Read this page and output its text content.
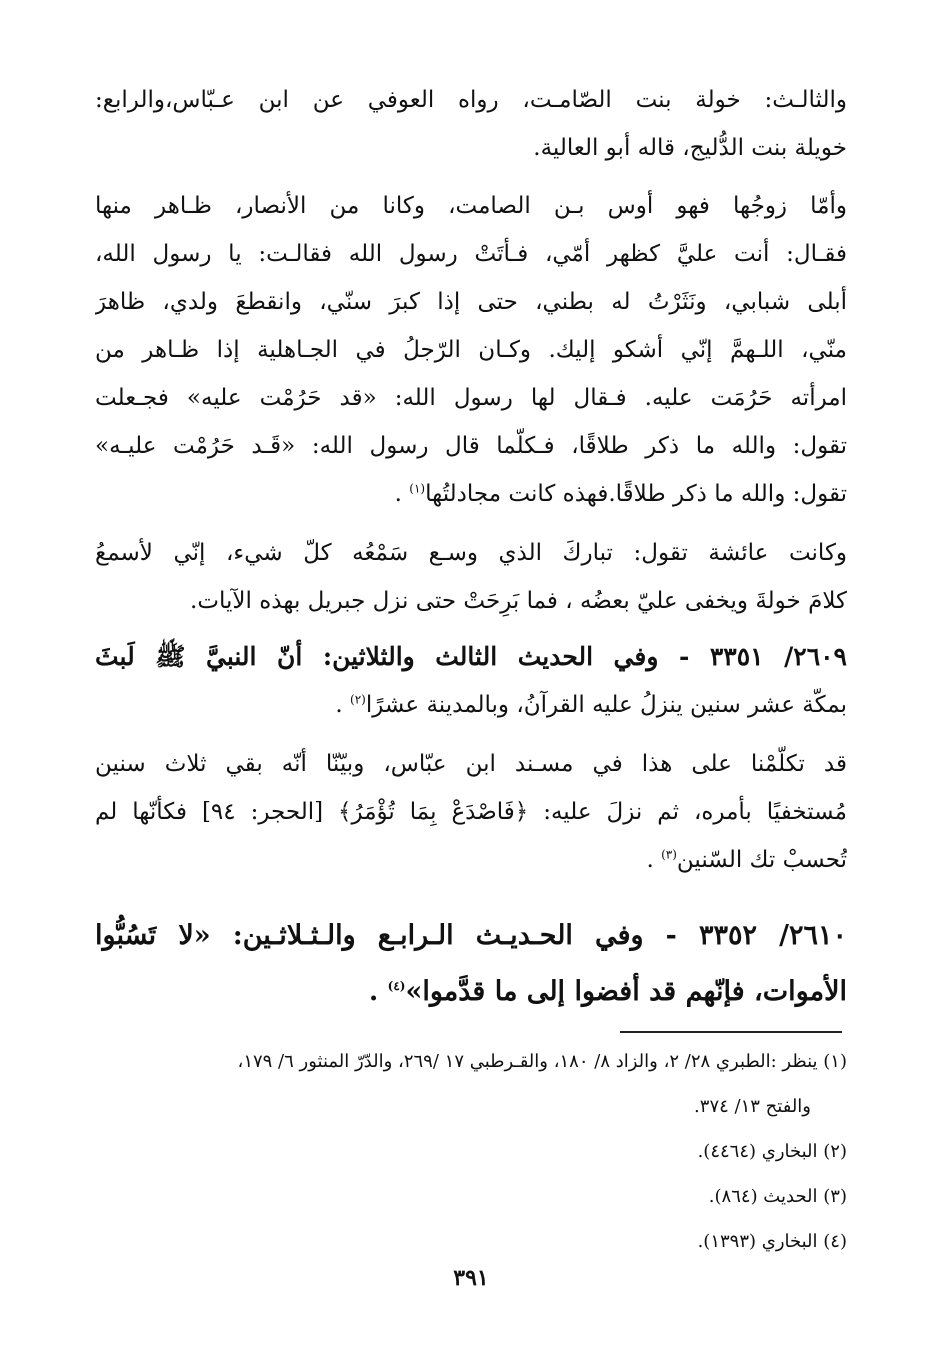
والثالـث: خولة بنت الصّامـت، رواه العوفي عن ابن عـبّاس،والرابع:
خويلة بنت الدُّليج، قاله أبو العالية.
وأمّا زوجُها فهو أوس بـن الصامت، وكانا من الأنصار، ظـاهر منها
فقـال: أنت عليَّ كظهر أمّي، فـأتَتْ رسول الله فقالـت: يا رسول الله،
أبلى شبابي، ونَثَرْتُ له بطني، حتى إذا كبرَ سنّي، وانقطعَ ولدي، ظاهرَ
منّي، اللـهمَّ إنّي أشكو إليك. وكـان الرّجلُ في الجـاهلية إذا ظـاهر من
امرأته حَرُمَت عليه. فـقال لها رسول الله: «قد حَرُمْت عليه» فجـعلت
تقول: والله ما ذكر طلاقًا، فـكلّما قال رسول الله: «قَـد حَرُمْت عليـه»
تقول: والله ما ذكر طلاقًا.فهذه كانت مجادلتُها$^{(١)}$ .
وكانت عائشة تقول: تباركَ الذي وسـع سَمْعُه كلّ شيء، إنّي لأسمعُ
كلامَ خولةَ ويخفى عليّ بعضُه ، فما بَرِحَتْ حتى نزل جبريل بهذه الآيات.
٢٦٠٩/ ٣٣٥١ - وفي الحديث الثالث والثلاثين: أنّ النبيَّ ﷺ لَبثَ
بمكّة عشر سنين ينزلُ عليه القرآنُ، وبالمدينة عشرًا$^{(٢)}$ .
قد تكلّمْنا على هذا في مسـند ابن عبّاس، وبيّنّا أنّه بقي ثلاث سنين
مُستخفيًا بأمره، ثم نزلَ عليه: ﴿فَاصْدَعْ بِمَا تُؤْمَرُ﴾ [الحجر: ٩٤] فكأنّها لم
تُحسبْ تك السّنين$^{(٣)}$ .
٢٦١٠/ ٣٣٥٢ - وفي الحـديـث الـرابـع والـثـلاثـين: «لا تَسُبُّوا
الأموات، فإنّهم قد أفضوا إلى ما قدَّموا»$^{(٤)}$ .
(١) ينظر :الطبري ٢٨/ ٢، والزاد ٨/ ١٨٠، والقـرطبي ١٧ /٢٦٩، والدّرّ المنثور ٦/ ١٧٩،
والفتح ١٣/ ٣٧٤.
(٢) البخاري (٤٤٦٤).
(٣) الحديث (٨٦٤).
(٤) البخاري (١٣٩٣).
٣٩١
